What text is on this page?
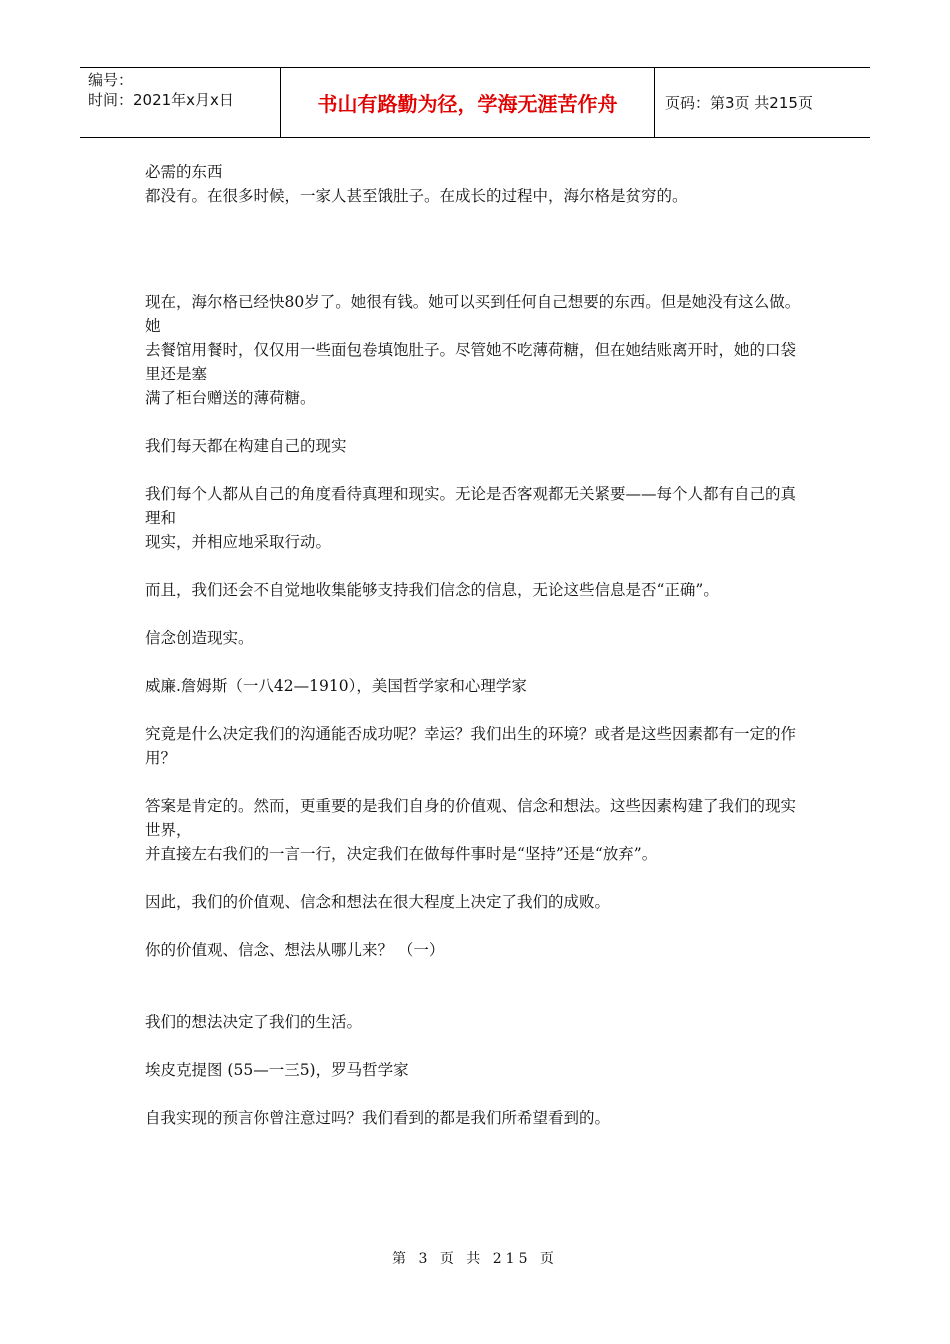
编号：
时间：2021年x月x日	书山有路勤为径，学海无涯苦作舟	页码：第3页 共215页

必需的东西

都没有。在很多时候，一家人甚至饿肚子。在成长的过程中，海尔格是贫穷的。

现在，海尔格已经快80岁了。她很有钱。她可以买到任何自己想要的东西。但是她没有这么做。她

去餐馆用餐时，仅仅用一些面包卷填饱肚子。尽管她不吃薄荷糖，但在她结账离开时，她的口袋里还是塞

满了柜台赠送的薄荷糖。

我们每天都在构建自己的现实

我们每个人都从自己的角度看待真理和现实。无论是否客观都无关紧要——每个人都有自己的真理和

现实，并相应地采取行动。

而且，我们还会不自觉地收集能够支持我们信念的信息，无论这些信息是否“正确”。

信念创造现实。

威廉.詹姆斯（一八42—1910），美国哲学家和心理学家

究竟是什么决定我们的沟通能否成功呢？幸运？我们出生的环境？或者是这些因素都有一定的作

用？

答案是肯定的。然而，更重要的是我们自身的价值观、信念和想法。这些因素构建了我们的现实世界，

并直接左右我们的一言一行，决定我们在做每件事时是“坚持”还是“放弃”。

因此，我们的价值观、信念和想法在很大程度上决定了我们的成败。

你的价值观、信念、想法从哪儿来？ （一）

我们的想法决定了我们的生活。

埃皮克提图 (55—一三5)，罗马哲学家

自我实现的预言你曾注意过吗？我们看到的都是我们所希望看到的。

第 3 页 共 215 页
